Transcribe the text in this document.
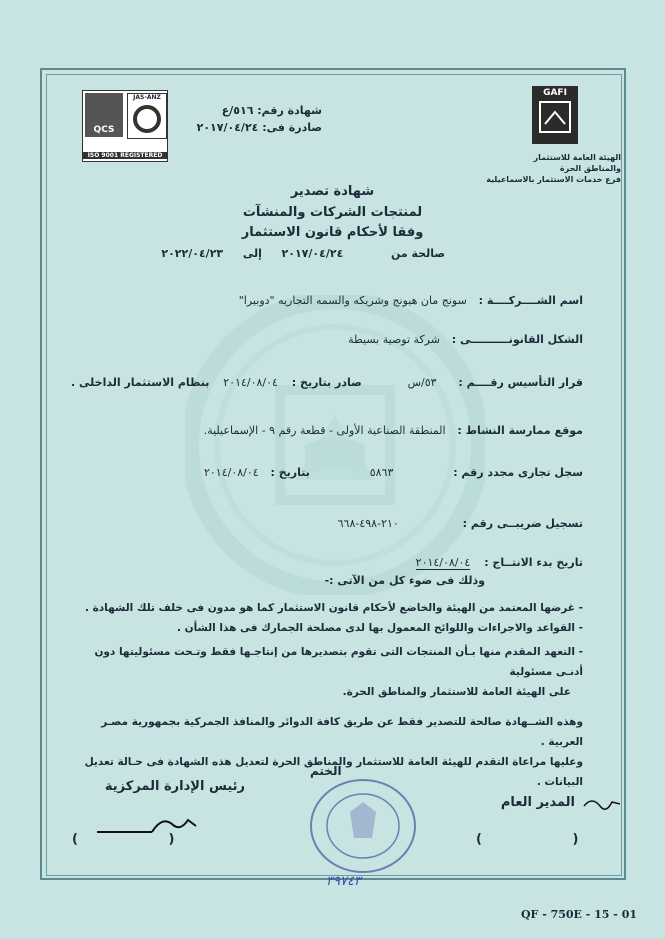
GAFI
الهيئة العامة للاستثمار
والمناطق الحرة
فرع خدمات الاستثمار بالاسماعيلية
QCS
JAS-ANZ
ISO 9001 REGISTERED
شهادة رقم: ٥١٦/ع
صادرة فى: ٢٠١٧/٠٤/٢٤
شهادة تصدير
لمنتجات الشركات والمنشآت
وفقا لأحكام قانون الاستثمار
صالحة من  ٢٠١٧/٠٤/٢٤  إلى  ٢٠٢٢/٠٤/٢٣
اسم الشــــركــــة : سونج مان هيونج وشريكه والسمه التجاريه "دوبيرا"
الشكل القانونــــــــــى : شركة توصية بسيطة
قرار التأسيس رقــــم : ٥٣/س صادر بتاريخ : ٢٠١٤/٠٨/٠٤ بنظام الاستثمار الداخلى .
موقع ممارسة النشاط : المنطقة الصناعية الأولى - قطعة رقم ٩ - الإسماعيلية.
سجل تجارى مجدد رقم : ٥٨٦٣ بتاريخ : ٢٠١٤/٠٨/٠٤
تسجيل ضريبــى رقم : ٢١٠-٤٩٨-٦٦٨
تاريخ بدء الانتــاج : ٢٠١٤/٠٨/٠٤
وذلك فى ضوء كل من الآتى :-
- غرضها المعتمد من الهيئة والخاضع لأحكام قانون الاستثمار كما هو مدون فى خلف تلك الشهادة .
- القواعد والاجراءات واللوائح المعمول بها لدى مصلحة الجمارك فى هذا الشأن .
- التعهد المقدم منها بـأن المنتجات التى تقوم بتصديرها من إنتاجـها فقط وتـحت مسئوليتها دون أدنـى مسئولية
على الهيئة العامة للاستثمار والمناطق الحرة.
وهذه الشــهادة صالحة للتصدير فقط عن طريق كافة الدوائر والمنافذ الجمركية بجمهورية مصـر العربية .
وعليها مراعاة التقدم للهيئة العامة للاستثمار والمناطق الحرة لتعديل هذه الشهادة فى حـالة تعديل البيانات .
رئيس الإدارة المركزية
الختم
المدير العام
٣٩٧٤٣
(                    )	(                    )
QF - 750E - 15 - 01
